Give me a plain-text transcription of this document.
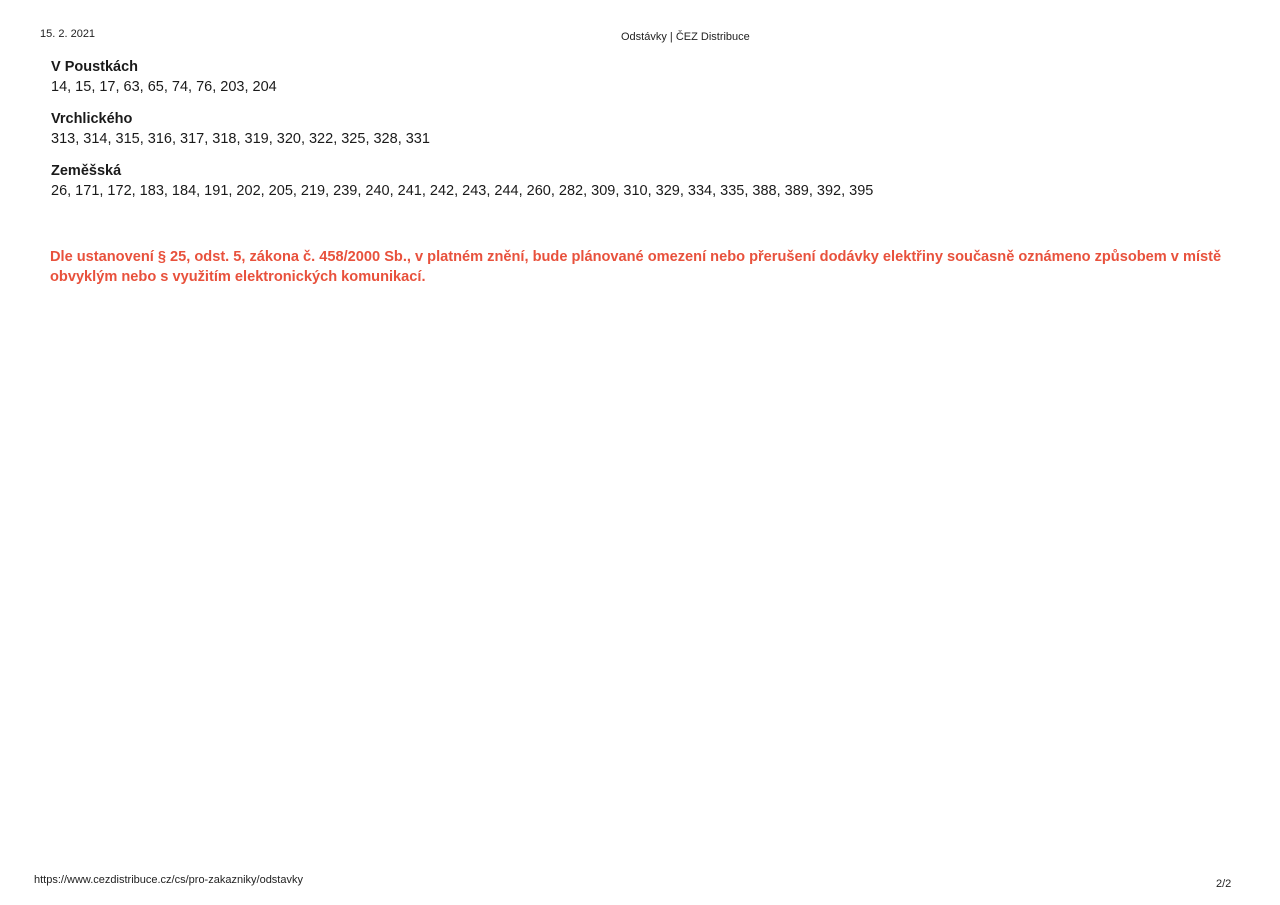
15. 2. 2021	Odstávky | ČEZ Distribuce
V Poustkách
14, 15, 17, 63, 65, 74, 76, 203, 204
Vrchlického
313, 314, 315, 316, 317, 318, 319, 320, 322, 325, 328, 331
Zeměšská
26, 171, 172, 183, 184, 191, 202, 205, 219, 239, 240, 241, 242, 243, 244, 260, 282, 309, 310, 329, 334, 335, 388, 389, 392, 395
Dle ustanovení § 25, odst. 5, zákona č. 458/2000 Sb., v platném znění, bude plánované omezení nebo přerušení dodávky elektřiny současně oznámeno způsobem v místě obvyklým nebo s využitím elektronických komunikací.
https://www.cezdistribuce.cz/cs/pro-zakazniky/odstavky	2/2
